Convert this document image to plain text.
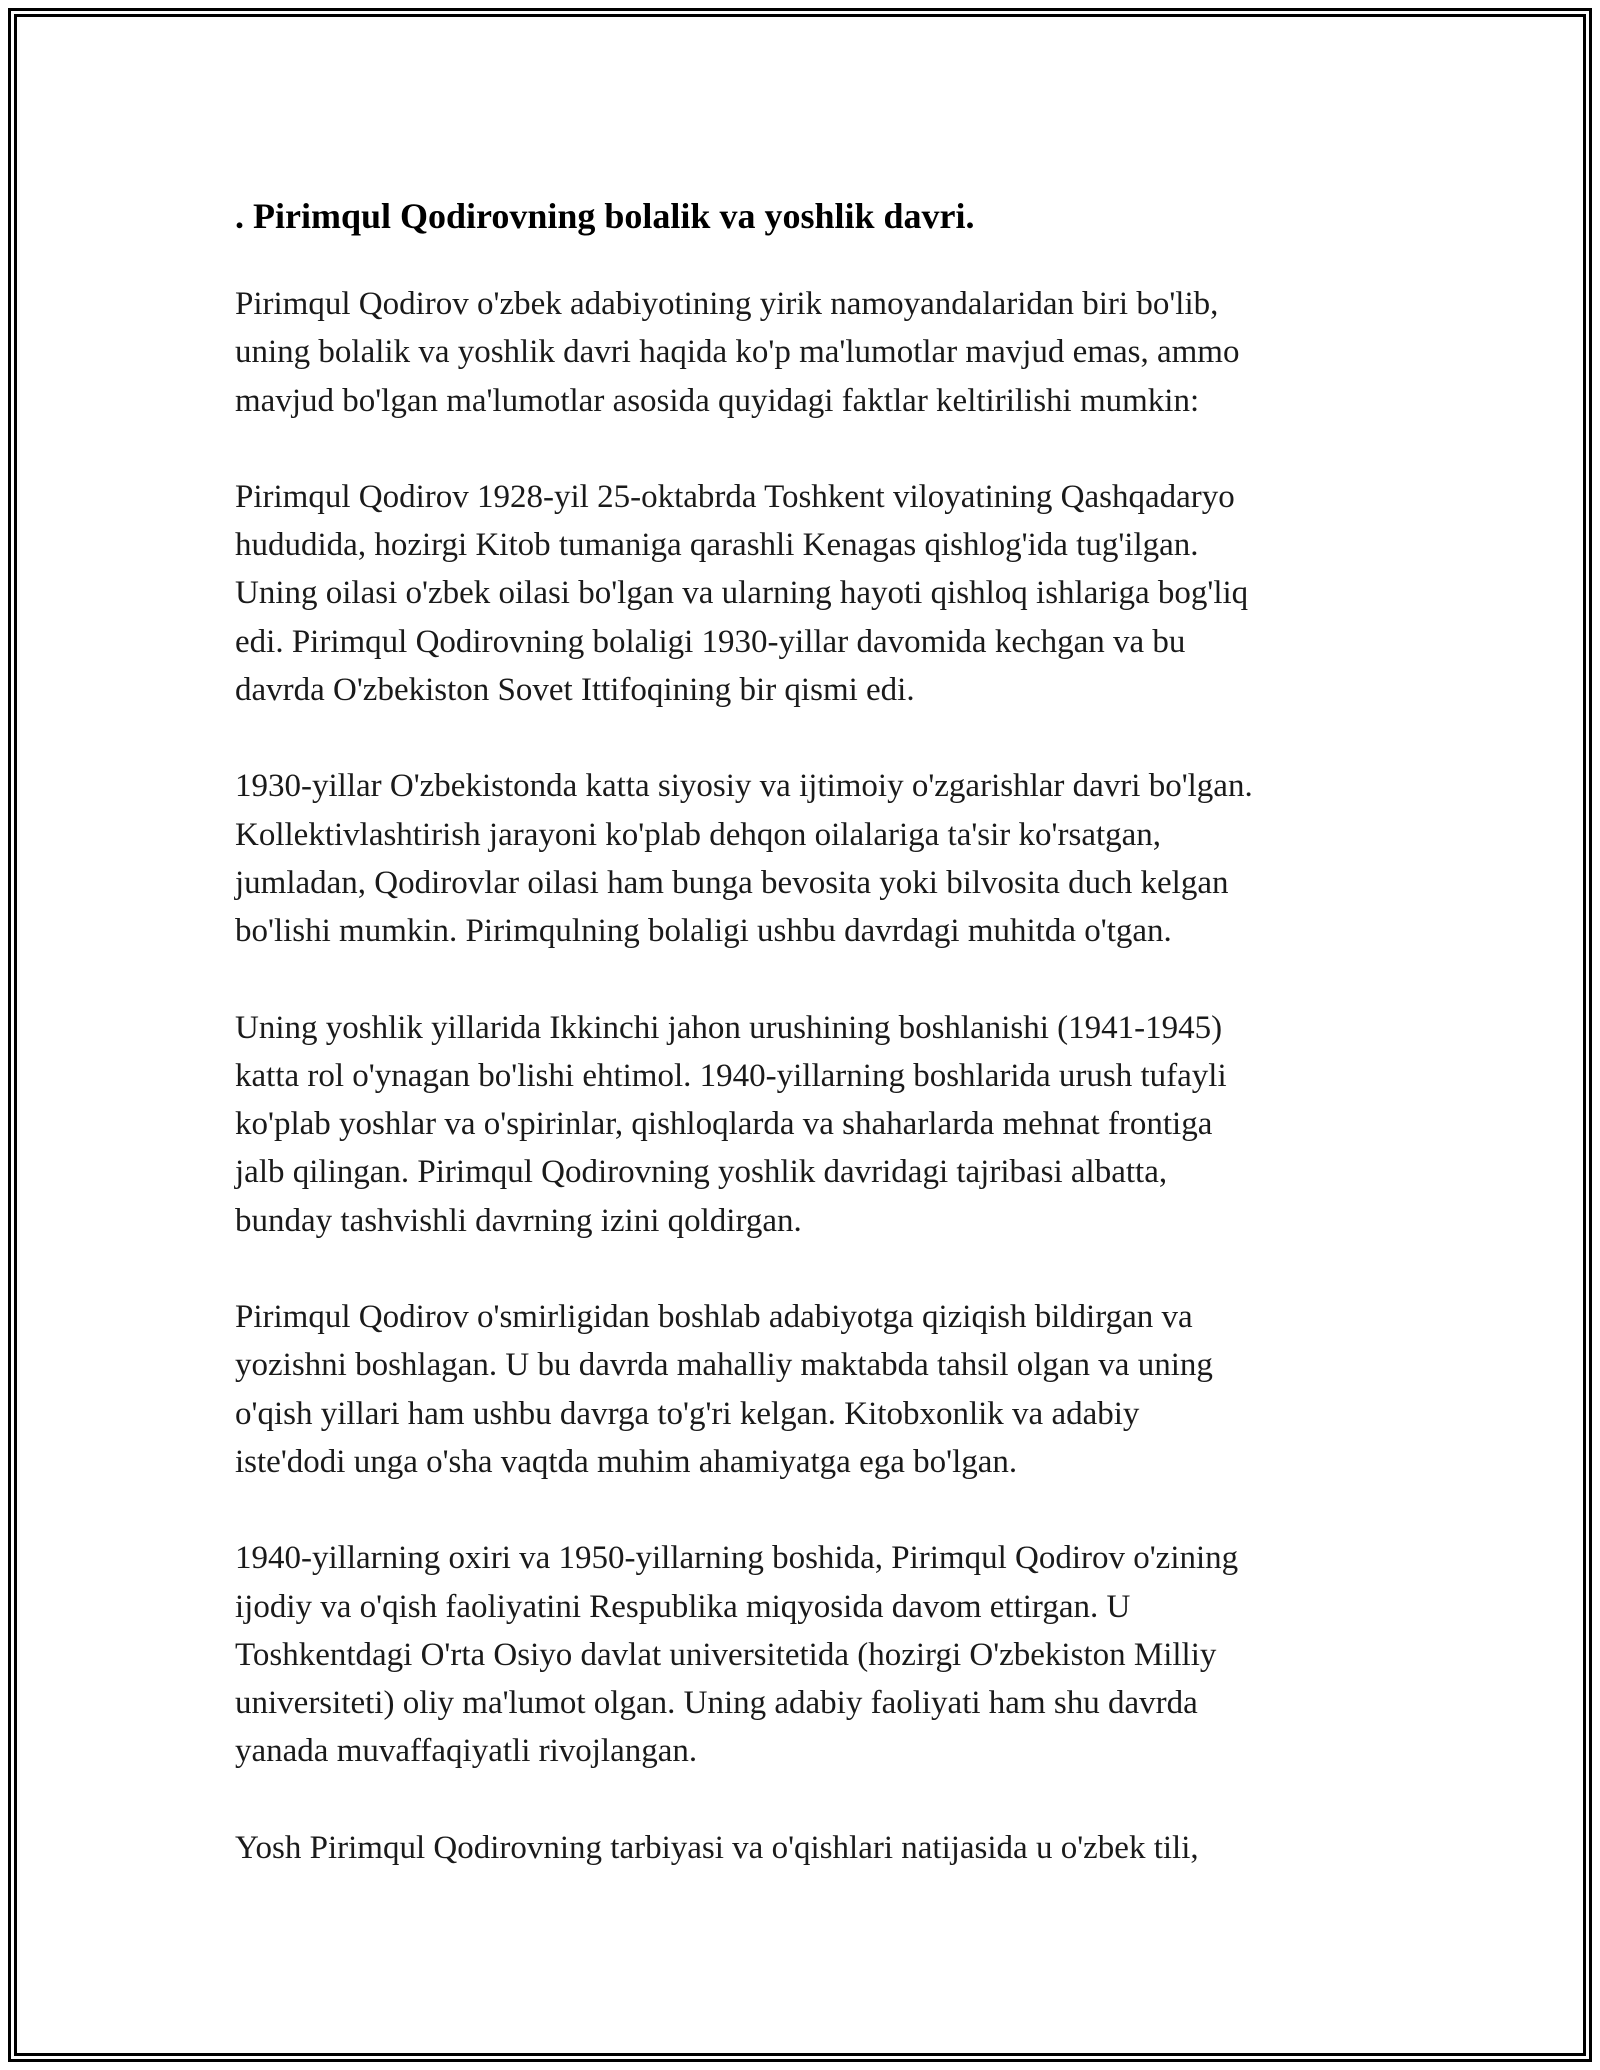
. Pirimqul Qodirovning bolalik va yoshlik davri.

Pirimqul Qodirov o'zbek adabiyotining yirik namoyandalaridan biri bo'lib,
uning bolalik va yoshlik davri haqida ko'p ma'lumotlar mavjud emas, ammo
mavjud bo'lgan ma'lumotlar asosida quyidagi faktlar keltirilishi mumkin:

Pirimqul Qodirov 1928-yil 25-oktabrda Toshkent viloyatining Qashqadaryo
hududida, hozirgi Kitob tumaniga qarashli Kenagas qishlog'ida tug'ilgan.
Uning oilasi o'zbek oilasi bo'lgan va ularning hayoti qishloq ishlariga bog'liq
edi. Pirimqul Qodirovning bolaligi 1930-yillar davomida kechgan va bu
davrda O'zbekiston Sovet Ittifoqining bir qismi edi.

1930-yillar O'zbekistonda katta siyosiy va ijtimoiy o'zgarishlar davri bo'lgan.
Kollektivlashtirish jarayoni ko'plab dehqon oilalariga ta'sir ko'rsatgan,
jumladan, Qodirovlar oilasi ham bunga bevosita yoki bilvosita duch kelgan
bo'lishi mumkin. Pirimqulning bolaligi ushbu davrdagi muhitda o'tgan.

Uning yoshlik yillarida Ikkinchi jahon urushining boshlanishi (1941-1945)
katta rol o'ynagan bo'lishi ehtimol. 1940-yillarning boshlarida urush tufayli
ko'plab yoshlar va o'spirinlar, qishloqlarda va shaharlarda mehnat frontiga
jalb qilingan. Pirimqul Qodirovning yoshlik davridagi tajribasi albatta,
bunday tashvishli davrning izini qoldirgan.

Pirimqul Qodirov o'smirligidan boshlab adabiyotga qiziqish bildirgan va
yozishni boshlagan. U bu davrda mahalliy maktabda tahsil olgan va uning
o'qish yillari ham ushbu davrga to'g'ri kelgan. Kitobxonlik va adabiy
iste'dodi unga o'sha vaqtda muhim ahamiyatga ega bo'lgan.

1940-yillarning oxiri va 1950-yillarning boshida, Pirimqul Qodirov o'zining
ijodiy va o'qish faoliyatini Respublika miqyosida davom ettirgan. U
Toshkentdagi O'rta Osiyo davlat universitetida (hozirgi O'zbekiston Milliy
universiteti) oliy ma'lumot olgan. Uning adabiy faoliyati ham shu davrda
yanada muvaffaqiyatli rivojlangan.

Yosh Pirimqul Qodirovning tarbiyasi va o'qishlari natijasida u o'zbek tili,
